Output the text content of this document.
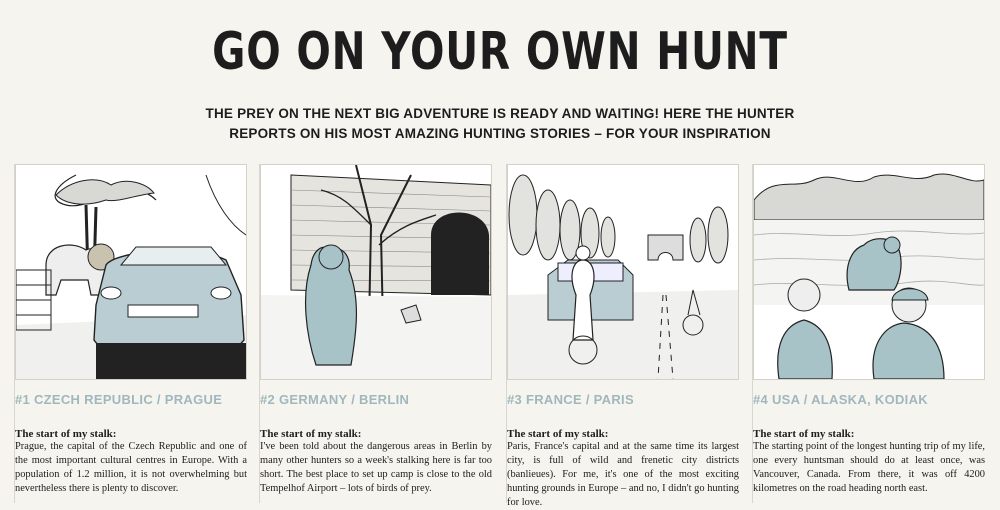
GO ON YOUR OWN HUNT
THE PREY ON THE NEXT BIG ADVENTURE IS READY AND WAITING! HERE THE HUNTER REPORTS ON HIS MOST AMAZING HUNTING STORIES – FOR YOUR INSPIRATION
#1 CZECH REPUBLIC / PRAGUE
The start of my stalk:
Prague, the capital of the Czech Republic and one of the most important cultural centres in Europe. With a population of 1.2 million, it is not overwhelming but nevertheless there is plenty to discover.
#2 GERMANY / BERLIN
The start of my stalk:
I've been told about the dangerous areas in Berlin by many other hunters so a week's stalking here is far too short. The best place to set up camp is close to the old Tempelhof Airport – lots of birds of prey.
#3 FRANCE / PARIS
The start of my stalk:
Paris, France's capital and at the same time its largest city, is full of wild and frenetic city districts (banlieues). For me, it's one of the most exciting hunting grounds in Europe – and no, I didn't go hunting for love.
#4 USA / ALASKA, KODIAK
The start of my stalk:
The starting point of the longest hunting trip of my life, one every huntsman should do at least once, was Vancouver, Canada. From there, it was off 4200 kilometres on the road heading north east.
